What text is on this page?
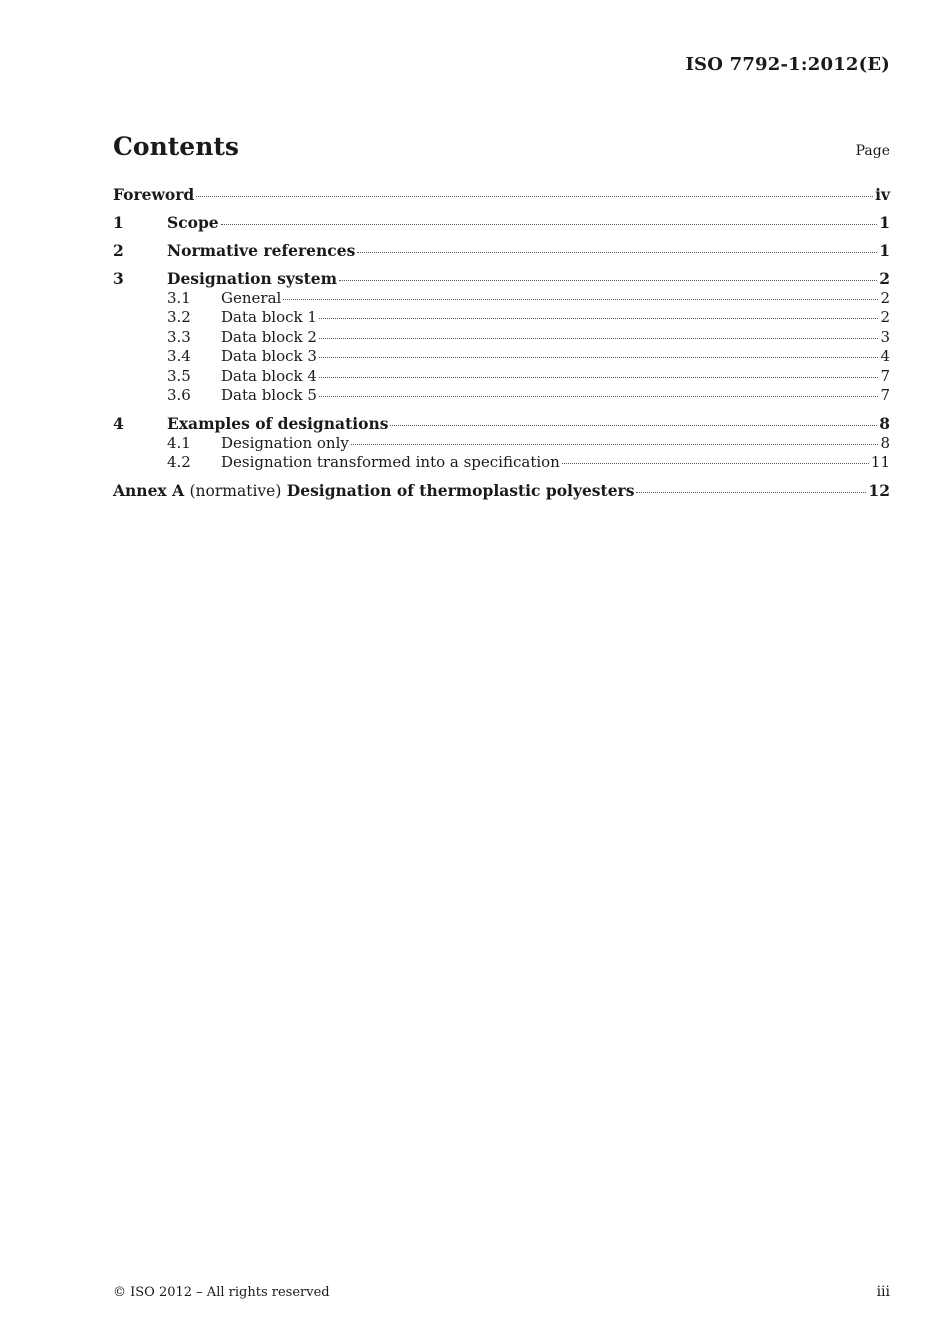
ISO 7792-1:2012(E)
Contents	Page
Foreword	iv
1	Scope	1
2	Normative references	1
3	Designation system	2
3.1	General	2
3.2	Data block 1	2
3.3	Data block 2	3
3.4	Data block 3	4
3.5	Data block 4	7
3.6	Data block 5	7
4	Examples of designations	8
4.1	Designation only	8
4.2	Designation transformed into a specification	11
Annex A (normative) Designation of thermoplastic polyesters	12
© ISO 2012 – All rights reserved	iii
